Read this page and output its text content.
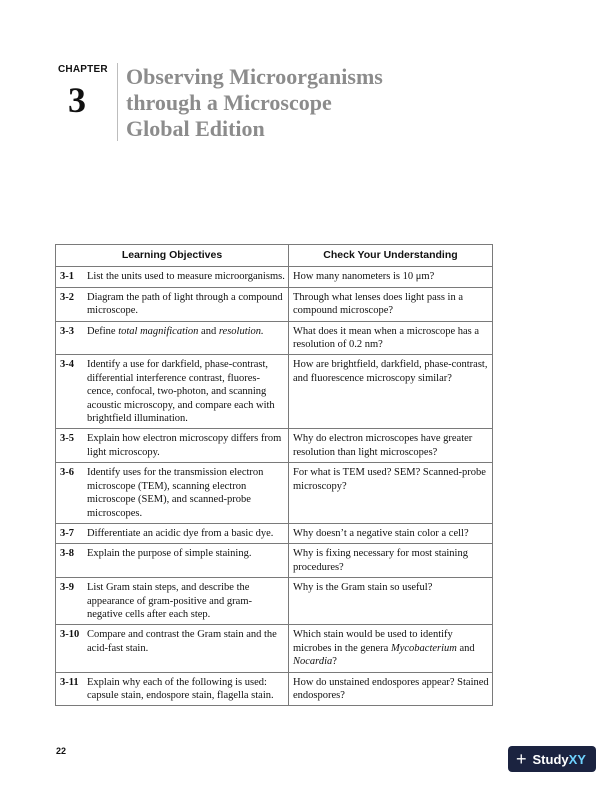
CHAPTER
3
Observing Microorganisms
through a Microscope
Global Edition
Learning Objectives	Check Your Understanding

3-1 List the units used to measure microorganisms.	How many nanometers is 10 μm?

3-2 Diagram the path of light through a compound microscope.	Through what lenses does light pass in a compound microscope?

3-3 Define total magnification and resolution.	What does it mean when a microscope has a resolution of 0.2 nm?

3-4 Identify a use for darkfield, phase-contrast, differential interference contrast, fluores-cence, confocal, two-photon, and scanning acoustic microscopy, and compare each with brightfield illumination.	How are brightfield, darkfield, phase-contrast, and fluorescence microscopy similar?

3-5 Explain how electron microscopy differs from light microscopy.	Why do electron microscopes have greater resolution than light microscopes?

3-6 Identify uses for the transmission electron microscope (TEM), scanning electron microscope (SEM), and scanned-probe microscopes.	For what is TEM used? SEM? Scanned-probe microscopy?

3-7 Differentiate an acidic dye from a basic dye.	Why doesn’t a negative stain color a cell?

3-8 Explain the purpose of simple staining.	Why is fixing necessary for most staining procedures?

3-9 List Gram stain steps, and describe the appearance of gram-positive and gram-negative cells after each step.	Why is the Gram stain so useful?

3-10 Compare and contrast the Gram stain and the acid-fast stain.	Which stain would be used to identify microbes in the genera Mycobacterium and Nocardia?

3-11 Explain why each of the following is used: capsule stain, endospore stain, flagella stain.	How do unstained endospores appear? Stained endospores?
22	+ StudyXY
